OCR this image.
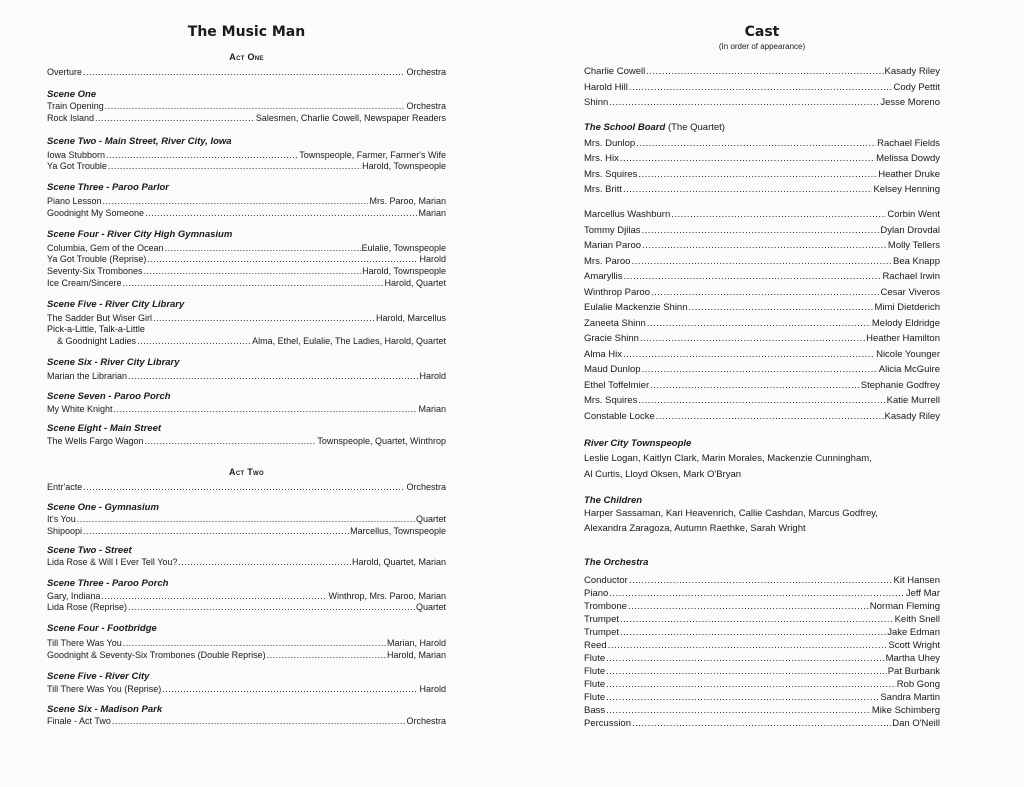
The Music Man
Act One
Overture .....	Orchestra
Scene One
Train Opening .....	Orchestra
Rock Island .....	Salesmen, Charlie Cowell, Newspaper Readers
Scene Two - Main Street, River City, Iowa
Iowa Stubborn .....	Townspeople, Farmer, Farmer's Wife
Ya Got Trouble .....	Harold, Townspeople
Scene Three - Paroo Parlor
Piano Lesson .....	Mrs. Paroo, Marian
Goodnight My Someone .....	Marian
Scene Four - River City High Gymnasium
Columbia, Gem of the Ocean .....	Eulalie, Townspeople
Ya Got Trouble (Reprise) .....	Harold
Seventy-Six Trombones .....	Harold, Townspeople
Ice Cream/Sincere .....	Harold, Quartet
Scene Five - River City Library
The Sadder But Wiser Girl .....	Harold, Marcellus
Pick-a-Little, Talk-a-Little
& Goodnight Ladies .....	Alma, Ethel, Eulalie, The Ladies, Harold, Quartet
Scene Six - River City Library
Marian the Librarian .....	Harold
Scene Seven - Paroo Porch
My White Knight .....	Marian
Scene Eight - Main Street
The Wells Fargo Wagon .....	Townspeople, Quartet, Winthrop
Act Two
Entr'acte .....	Orchestra
Scene One - Gymnasium
It's You .....	Quartet
Shipoopi .....	Marcellus, Townspeople
Scene Two - Street
Lida Rose & Will I Ever Tell You? .....	Harold, Quartet, Marian
Scene Three - Paroo Porch
Gary, Indiana .....	Winthrop, Mrs. Paroo, Marian
Lida Rose (Reprise) .....	Quartet
Scene Four - Footbridge
Till There Was You .....	Marian, Harold
Goodnight & Seventy-Six Trombones (Double Reprise) .....	Harold, Marian
Scene Five - River City
Till There Was You (Reprise) .....	Harold
Scene Six - Madison Park
Finale - Act Two .....	Orchestra
Cast
(In order of appearance)
Charlie Cowell .....	Kasady Riley
Harold Hill .....	Cody Pettit
Shinn .....	Jesse Moreno
The School Board (The Quartet)
Mrs. Dunlop .....	Rachael Fields
Mrs. Hix .....	Melissa Dowdy
Mrs. Squires .....	Heather Druke
Mrs. Britt .....	Kelsey Henning
Marcellus Washburn .....	Corbin Went
Tommy Djilas .....	Dylan Drovdal
Marian Paroo .....	Molly Tellers
Mrs. Paroo .....	Bea Knapp
Amaryllis .....	Rachael Irwin
Winthrop Paroo .....	Cesar Viveros
Eulalie Mackenzie Shinn .....	Mimi Dietderich
Zaneeta Shinn .....	Melody Eldridge
Gracie Shinn .....	Heather Hamilton
Alma Hix .....	Nicole Younger
Maud Dunlop .....	Alicia McGuire
Ethel Toffelmier .....	Stephanie Godfrey
Mrs. Squires .....	Katie Murrell
Constable Locke .....	Kasady Riley
River City Townspeople
Leslie Logan, Kaitlyn Clark, Marin Morales, Mackenzie Cunningham,
Al Curtis, Lloyd Oksen, Mark O'Bryan
The Children
Harper Sassaman, Kari Heavenrich, Callie Cashdan, Marcus Godfrey,
Alexandra Zaragoza, Autumn Raethke, Sarah Wright
The Orchestra
Conductor .....	Kit Hansen
Piano .....	Jeff Mar
Trombone .....	Norman Fleming
Trumpet .....	Keith Snell
Trumpet .....	Jake Edman
Reed .....	Scott Wright
Flute .....	Martha Uhey
Flute .....	Pat Burbank
Flute .....	Rob Gong
Flute .....	Sandra Martin
Bass .....	Mike Schimberg
Percussion .....	Dan O'Neill
